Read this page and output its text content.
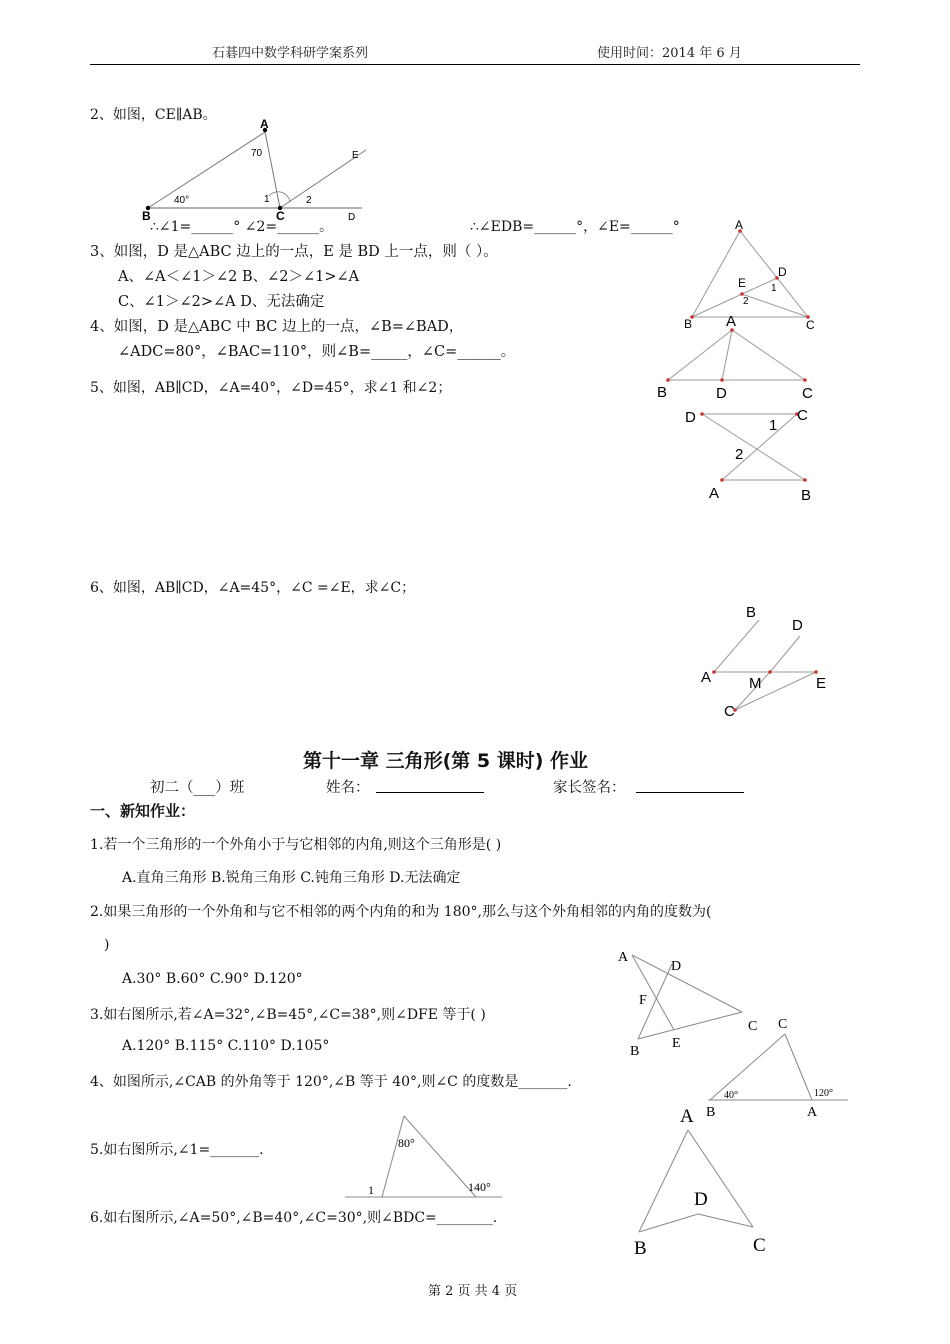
石碁四中数学科研学案系列	使用时间：2014 年 6 月
2、如图，CE∥AB。
A
70	E
40°	1	2
B	C	D
∴∠1=______° ∠2=______。	∴∠EDB=______°，∠E=______°
3、如图，D 是△ABC 边上的一点，E 是 BD 上一点，则（ ）。
A、∠A＜∠1＞∠2 B、∠2＞∠1>∠A
C、∠1＞∠2>∠A D、无法确定
A
B	C
D
E 1
2
4、如图，D 是△ABC 中 BC 边上的一点，∠B=∠BAD，
∠ADC=80°，∠BAC=110°，则∠B=_____，∠C=______。
A
B	D	C
5、如图，AB∥CD，∠A=40°，∠D=45°，求∠1 和∠2；
D	C
1
2
A	B
6、如图，AB∥CD，∠A=45°，∠C =∠E，求∠C；
B
D
A	M	E
C
第十一章 三角形(第 5 课时) 作业
初二（___）班	姓名：	家长签名：
一、新知作业：
1.若一个三角形的一个外角小于与它相邻的内角,则这个三角形是( )
A.直角三角形 B.锐角三角形 C.钝角三角形 D.无法确定
2.如果三角形的一个外角和与它不相邻的两个内角的和为 180°,那么与这个外角相邻的内角的度数为(
)
A.30° B.60° C.90° D.120°
3.如右图所示,若∠A=32°,∠B=45°,∠C=38°,则∠DFE 等于( )
A.120° B.115° C.110° D.105°
A
D
F
C
B
E
4、如图所示,∠CAB 的外角等于 120°,∠B 等于 40°,则∠C 的度数是_______.
C
40°	120°
B	A
5.如右图所示,∠1=_______.	80°
1	140°
6.如右图所示,∠A=50°,∠B=40°,∠C=30°,则∠BDC=________.
A
D
B	C
第 2 页 共 4 页
